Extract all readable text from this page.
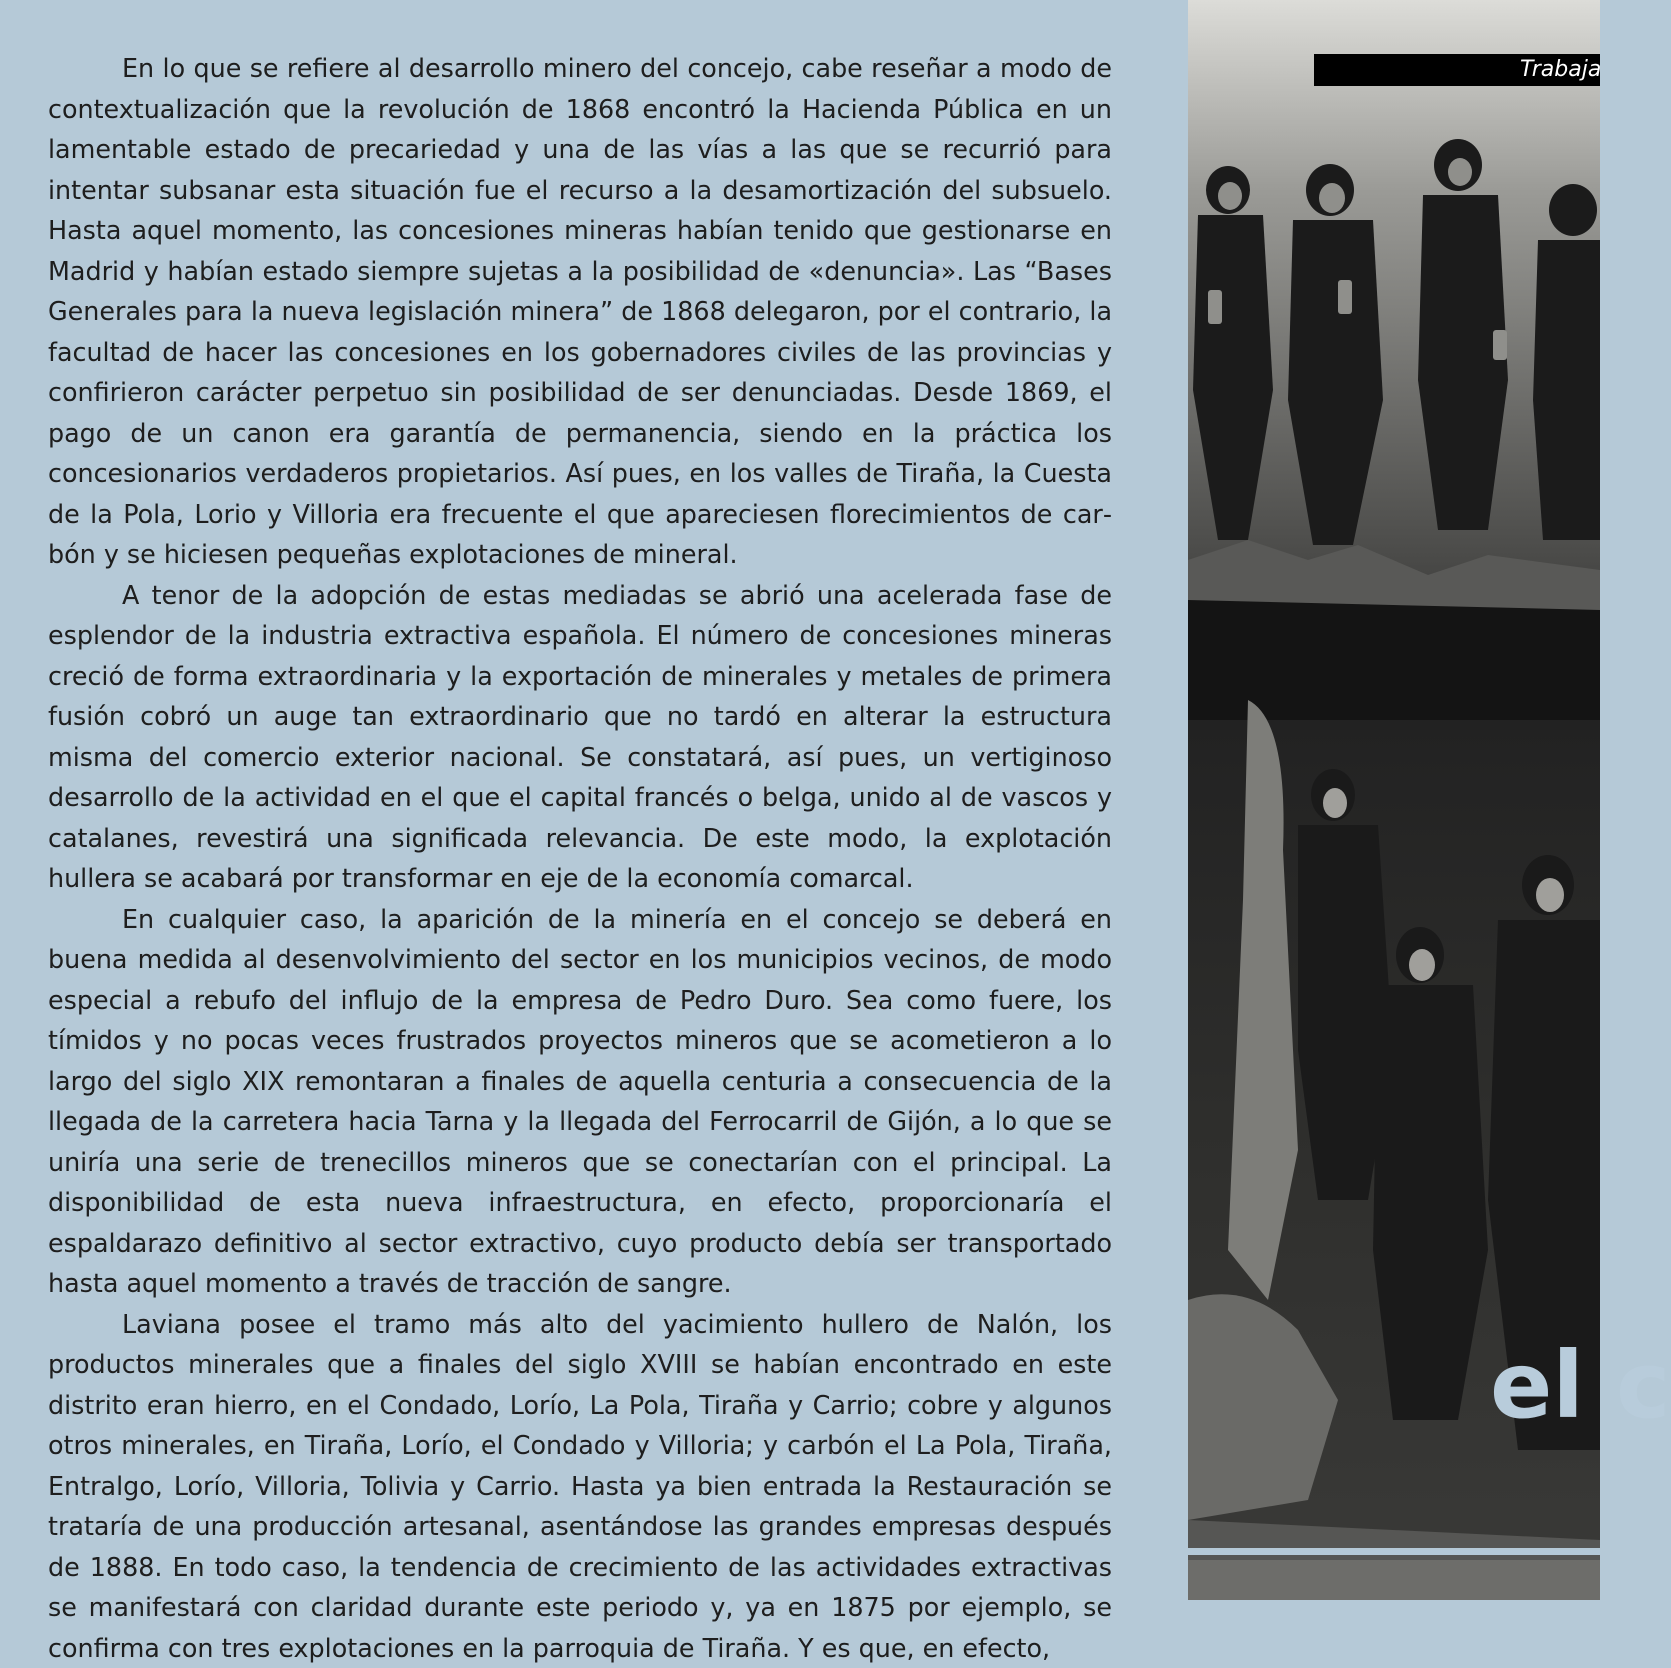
En lo que se refiere al desarrollo minero del concejo, cabe reseñar a modo de contextualización que la revolución de 1868 encontró la Hacienda Pública en un lamentable estado de precariedad y una de las vías a las que se recurrió para intentar subsanar esta situación fue el recurso a la desamortización del subsuelo. Hasta aquel momento, las concesiones mineras habían tenido que gestionarse en Madrid y habían estado siempre sujetas a la posibilidad de «denuncia». Las “Bases Generales para la nueva legislación minera” de 1868 delegaron, por el contrario, la facultad de hacer las concesiones en los gobernadores civiles de las provincias y confirieron carácter perpetuo sin posibilidad de ser denunciadas. Desde 1869, el pago de un canon era garantía de permanencia, siendo en la práctica los concesionarios verdaderos propietarios. Así pues, en los valles de Tiraña, la Cuesta de la Pola, Lorio y Villoria era frecuente el que apareciesen florecimientos de carbón y se hiciesen pequeñas explotaciones de mineral.

A tenor de la adopción de estas mediadas se abrió una acelerada fase de esplendor de la industria extractiva española. El número de concesiones mineras creció de forma extraordinaria y la exportación de minerales y metales de primera fusión cobró un auge tan extraordinario que no tardó en alterar la estructura misma del comercio exterior nacional. Se constatará, así pues, un vertiginoso desarrollo de la actividad en el que el capital francés o belga, unido al de vascos y catalanes, revestirá una significada relevancia. De este modo, la explotación hullera se acabará por transformar en eje de la economía comarcal.

En cualquier caso, la aparición de la minería en el concejo se deberá en buena medida al desenvolvimiento del sector en los municipios vecinos, de modo especial a rebufo del influjo de la empresa de Pedro Duro. Sea como fuere, los tímidos y no pocas veces frustrados proyectos mineros que se acometieron a lo largo del siglo XIX remontaran a finales de aquella centuria a consecuencia de la llegada de la carretera hacia Tarna y la llegada del Ferrocarril de Gijón, a lo que se uniría una serie de trenecillos mineros que se conectarían con el principal. La disponibilidad de esta nueva infraestructura, en efecto, proporcionaría el espaldarazo definitivo al sector extractivo, cuyo producto debía ser transportado hasta aquel momento a través de tracción de sangre.

Laviana posee el tramo más alto del yacimiento hullero de Nalón, los productos minerales que a finales del siglo XVIII se habían encontrado en este distrito eran hierro, en el Condado, Lorío, La Pola, Tiraña y Carrio; cobre y algunos otros minerales, en Tiraña, Lorío, el Condado y Villoria; y carbón el La Pola, Tiraña, Entralgo, Lorío, Villoria, Tolivia y Carrio. Hasta ya bien entrada la Restauración se trataría de una producción artesanal, asentándose las grandes empresas después de 1888. En todo caso, la tendencia de crecimiento de las actividades extractivas se manifestará con claridad durante este periodo y, ya en 1875 por ejemplo, se confirma con tres explotaciones en la parroquia de Tiraña. Y es que, en efecto,

Trabaja
el c
